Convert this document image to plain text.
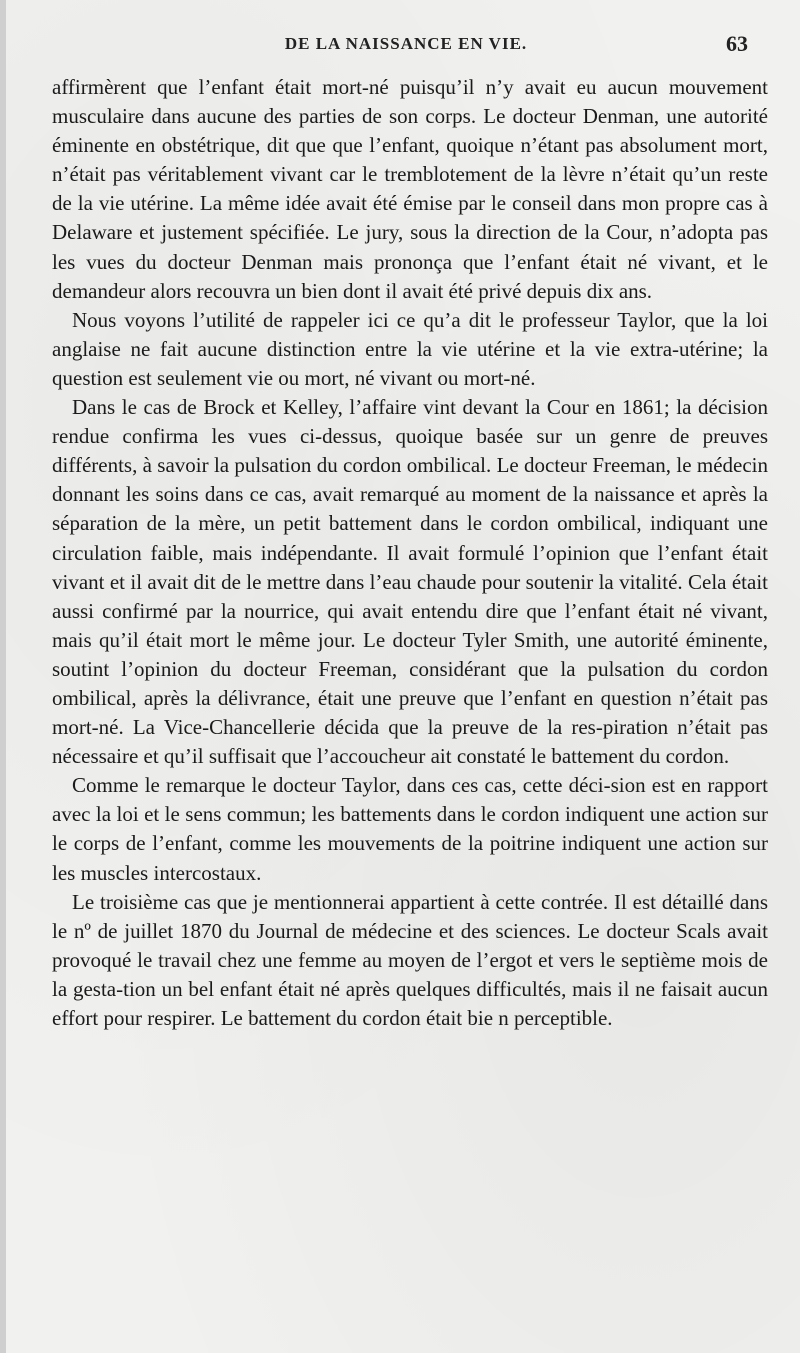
DE LA NAISSANCE EN VIE.	63

affirmèrent que l’enfant était mort-né puisqu’il n’y avait eu aucun mouvement musculaire dans aucune des parties de son corps. Le docteur Denman, une autorité éminente en obstétrique, dit que que l’enfant, quoique n’étant pas absolument mort, n’était pas véritablement vivant car le tremblotement de la lèvre n’était qu’un reste de la vie utérine. La même idée avait été émise par le conseil dans mon propre cas à Delaware et justement spécifiée. Le jury, sous la direction de la Cour, n’adopta pas les vues du docteur Denman mais prononça que l’enfant était né vivant, et le demandeur alors recouvra un bien dont il avait été privé depuis dix ans.

Nous voyons l’utilité de rappeler ici ce qu’a dit le professeur Taylor, que la loi anglaise ne fait aucune distinction entre la vie utérine et la vie extra-utérine; la question est seulement vie ou mort, né vivant ou mort-né.

Dans le cas de Brock et Kelley, l’affaire vint devant la Cour en 1861; la décision rendue confirma les vues ci-dessus, quoique basée sur un genre de preuves différents, à savoir la pulsation du cordon ombilical. Le docteur Freeman, le médecin donnant les soins dans ce cas, avait remarqué au moment de la naissance et après la séparation de la mère, un petit battement dans le cordon ombilical, indiquant une circulation faible, mais indépendante. Il avait formulé l’opinion que l’enfant était vivant et il avait dit de le mettre dans l’eau chaude pour soutenir la vitalité. Cela était aussi confirmé par la nourrice, qui avait entendu dire que l’enfant était né vivant, mais qu’il était mort le même jour. Le docteur Tyler Smith, une autorité éminente, soutint l’opinion du docteur Freeman, considérant que la pulsation du cordon ombilical, après la délivrance, était une preuve que l’enfant en question n’était pas mort-né. La Vice-Chancellerie décida que la preuve de la res-piration n’était pas nécessaire et qu’il suffisait que l’accoucheur ait constaté le battement du cordon.

Comme le remarque le docteur Taylor, dans ces cas, cette déci-sion est en rapport avec la loi et le sens commun; les battements dans le cordon indiquent une action sur le corps de l’enfant, comme les mouvements de la poitrine indiquent une action sur les muscles intercostaux.

Le troisième cas que je mentionnerai appartient à cette contrée. Il est détaillé dans le nº de juillet 1870 du Journal de médecine et des sciences. Le docteur Scals avait provoqué le travail chez une femme au moyen de l’ergot et vers le septième mois de la gesta-tion un bel enfant était né après quelques difficultés, mais il ne faisait aucun effort pour respirer. Le battement du cordon était bie n perceptible.
